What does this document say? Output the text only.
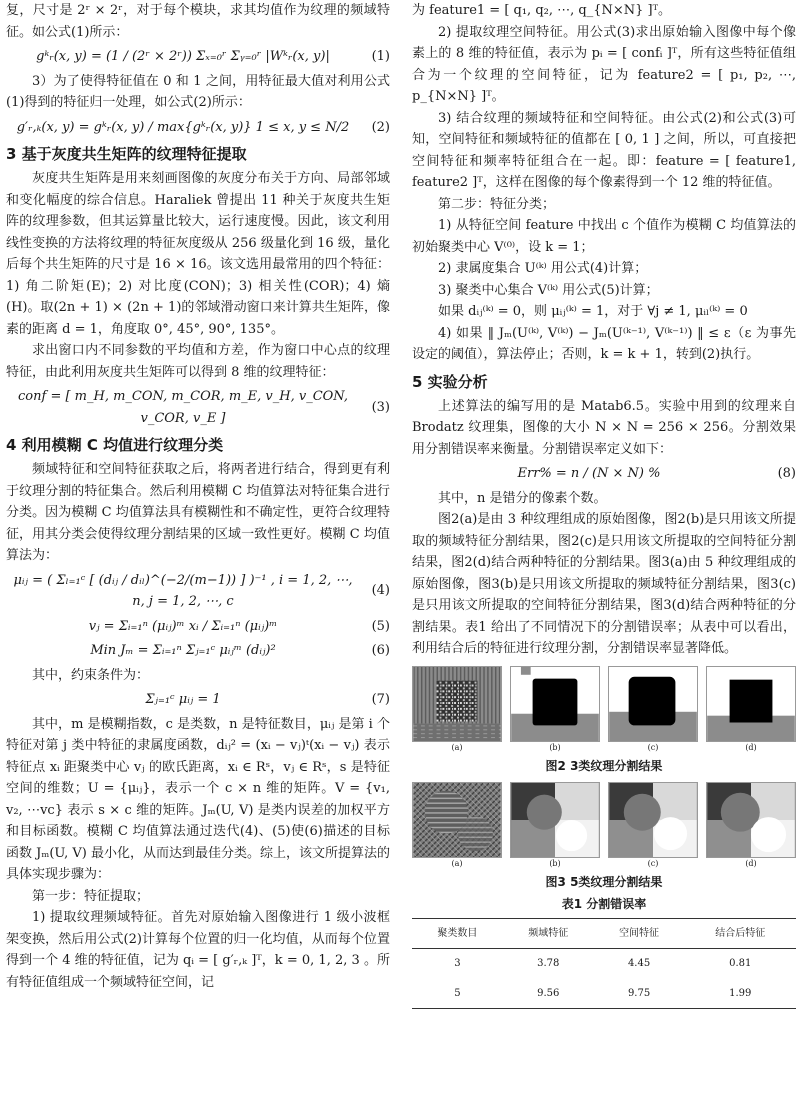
复，尺寸是 2ʳ × 2ʳ，对于每个模块，求其均值作为纹理的频域特征。如公式(1)所示：

gᵏᵣ(x, y) = (1 / (2ʳ × 2ʳ)) Σₓ₌₀ʳ Σᵧ₌₀ʳ |Wᵏᵣ(x, y)|	(1)

3）为了使得特征值在 0 和 1 之间，用特征最大值对利用公式(1)得到的特征归一处理，如公式(2)所示：

g′ᵣ,ₖ(x, y) = gᵏᵣ(x, y) / max{gᵏᵣ(x, y)} 1 ≤ x, y ≤ N/2	(2)
3 基于灰度共生矩阵的纹理特征提取

灰度共生矩阵是用来刻画图像的灰度分布关于方向、局部邻域和变化幅度的综合信息。Haraliek 曾提出 11 种关于灰度共生矩阵的纹理参数，但其运算量比较大，运行速度慢。因此，该文利用线性变换的方法将纹理的特征灰度级从 256 级量化到 16 级，量化后每个共生矩阵的尺寸是 16 × 16。该文选用最常用的四个特征：1) 角二阶矩(E)；2) 对比度(CON)；3) 相关性(COR)；4) 熵(H)。取(2n + 1) × (2n + 1)的邻域滑动窗口来计算共生矩阵，像素的距离 d = 1，角度取 0°, 45°, 90°, 135°。

求出窗口内不同参数的平均值和方差，作为窗口中心点的纹理特征，由此利用灰度共生矩阵可以得到 8 维的纹理特征：

conf = [ m_H, m_CON, m_COR, m_E, v_H, v_CON, v_COR, v_E ]
(3)
4 利用模糊 C 均值进行纹理分类

频域特征和空间特征获取之后，将两者进行结合，得到更有利于纹理分割的特征集合。然后利用模糊 C 均值算法对特征集合进行分类。因为模糊 C 均值算法具有模糊性和不确定性，更符合纹理特征，用其分类会使得纹理分割结果的区域一致性更好。模糊 C 均值算法为：

μᵢⱼ = ( Σₗ₌₁ᶜ [ (dᵢⱼ / dᵢₗ)^(−2/(m−1)) ] )⁻¹ , i = 1, 2, ⋯, n, j = 1, 2, ⋯, c
(4)
vⱼ = Σᵢ₌₁ⁿ (μᵢⱼ)ᵐ xᵢ / Σᵢ₌₁ⁿ (μᵢⱼ)ᵐ	(5)
Min Jₘ = Σᵢ₌₁ⁿ Σⱼ₌₁ᶜ μᵢⱼᵐ (dᵢⱼ)²	(6)

其中，约束条件为：

Σⱼ₌₁ᶜ μᵢⱼ = 1	(7)

其中，m 是模糊指数，c 是类数，n 是特征数目，μᵢⱼ 是第 i 个特征对第 j 类中特征的隶属度函数，dᵢⱼ² = (xᵢ − vⱼ)ᵗ(xᵢ − vⱼ) 表示特征点 xᵢ 距聚类中心 vⱼ 的欧氏距离，xᵢ ∈ Rˢ，vⱼ ∈ Rˢ，s 是特征空间的维数；U = {μᵢⱼ}，表示一个 c × n 维的矩阵。V = {v₁, v₂, ⋯vc} 表示 s × c 维的矩阵。Jₘ(U, V) 是类内误差的加权平方和目标函数。模糊 C 均值算法通过迭代(4)、(5)使(6)描述的目标函数 Jₘ(U, V) 最小化，从而达到最佳分类。综上，该文所提算法的具体实现步骤为：

第一步：特征提取；

1) 提取纹理频域特征。首先对原始输入图像进行 1 级小波框架变换，然后用公式(2)计算每个位置的归一化均值，从而每个位置得到一个 4 维的特征值，记为 qᵢ = [ g′ᵣ,ₖ ]ᵀ，k = 0, 1, 2, 3 。所有特征值组成一个频域特征空间，记

为 feature1 = [ q₁, q₂, ⋯, q_{N×N} ]ᵀ。

2) 提取纹理空间特征。用公式(3)求出原始输入图像中每个像素上的 8 维的特征值，表示为 pᵢ = [ confᵢ ]ᵀ，所有这些特征值组合为一个纹理的空间特征，记为 feature2 = [ p₁, p₂, ⋯, p_{N×N} ]ᵀ。

3) 结合纹理的频域特征和空间特征。由公式(2)和公式(3)可知，空间特征和频域特征的值都在 [ 0, 1 ] 之间，所以，可直接把空间特征和频率特征组合在一起。即：feature = [ feature1, feature2 ]ᵀ，这样在图像的每个像素得到一个 12 维的特征值。

第二步：特征分类；

1) 从特征空间 feature 中找出 c 个值作为模糊 C 均值算法的初始聚类中心 V⁽⁰⁾，设 k = 1；

2) 隶属度集合 U⁽ᵏ⁾ 用公式(4)计算；

3) 聚类中心集合 V⁽ᵏ⁾ 用公式(5)计算；

如果 dᵢⱼ⁽ᵏ⁾ = 0，则 μᵢⱼ⁽ᵏ⁾ = 1，对于 ∀j ≠ 1, μᵢₗ⁽ᵏ⁾ = 0

4) 如果 ‖ Jₘ(U⁽ᵏ⁾, V⁽ᵏ⁾) − Jₘ(U⁽ᵏ⁻¹⁾, V⁽ᵏ⁻¹⁾) ‖ ≤ ε（ε 为事先设定的阈值），算法停止；否则，k = k + 1，转到(2)执行。

5 实验分析

上述算法的编写用的是 Matab6.5。实验中用到的纹理来自 Brodatz 纹理集，图像的大小 N × N = 256 × 256。分割效果用分割错误率来衡量。分割错误率定义如下：

Err% = n / (N × N) %	(8)

其中，n 是错分的像素个数。

图2(a)是由 3 种纹理组成的原始图像，图2(b)是只用该文所提取的频域特征分割结果，图2(c)是只用该文所提取的空间特征分割结果，图2(d)结合两种特征的分割结果。图3(a)由 5 种纹理组成的原始图像，图3(b)是只用该文所提取的频域特征分割结果，图3(c)是只用该文所提取的空间特征分割结果，图3(d)结合两种特征的分割结果。表1 给出了不同情况下的分割错误率；从表中可以看出，利用结合后的特征进行纹理分割，分割错误率显著降低。

(a)	(b)	(c)	(d)
图2 3类纹理分割结果
(a)	(b)	(c)	(d)
图3 5类纹理分割结果
表1 分割错误率
聚类数目	频域特征	空间特征	结合后特征
3	3.78	4.45	0.81
5	9.56	9.75	1.99
